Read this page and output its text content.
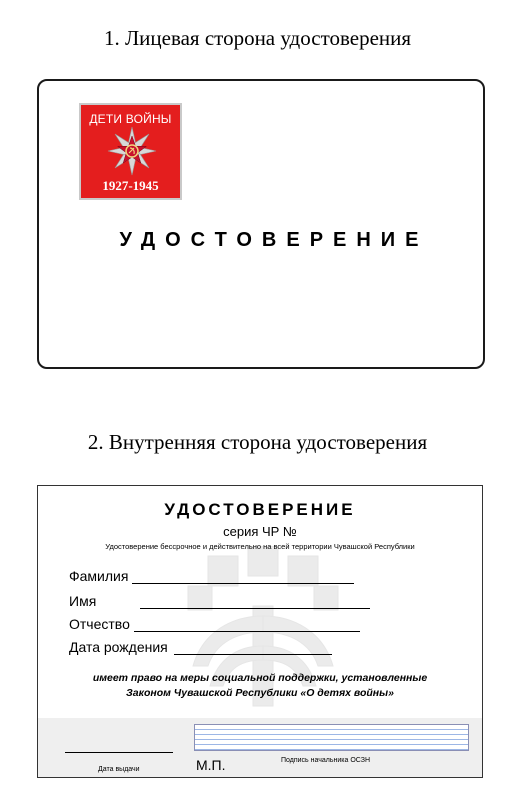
1. Лицевая сторона удостоверения
ДЕТИ ВОЙНЫ
1927-1945
УДОСТОВЕРЕНИЕ
2. Внутренняя сторона удостоверения
УДОСТОВЕРЕНИЕ
серия ЧР №
Удостоверение бессрочное и действительно на всей территории Чувашской Республики
Фамилия
Имя
Отчество
Дата рождения
имеет право на меры социальной поддержки, установленные
Законом Чувашской Республики «О детях войны»
Дата выдачи	М.П.	Подпись начальника ОСЗН
